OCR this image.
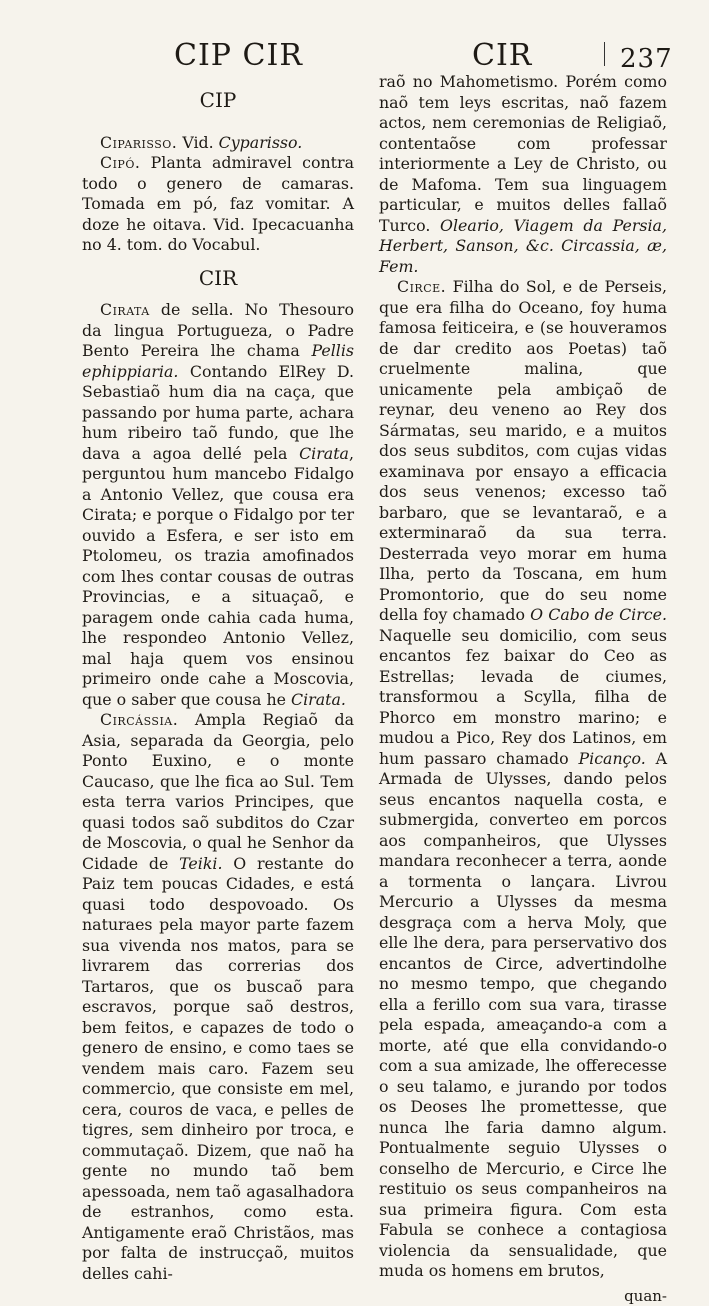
CIP CIR	CIR	237
CIP

Ciparisso. Vid. Cyparisso.

Cipó. Planta admiravel contra todo o genero de camaras. Tomada em pó, faz vomitar. A doze he oitava. Vid. Ipecacuanha no 4. tom. do Vocabul.

CIR

Cirata de sella. No Thesouro da lingua Portugueza, o Padre Bento Pereira lhe chama Pellis ephippiaria. Contando ElRey D. Sebastiaõ hum dia na caça, que passando por huma parte, achara hum ribeiro taõ fundo, que lhe dava a agoa dellé pela Cirata, perguntou hum mancebo Fidalgo a Antonio Vellez, que cousa era Cirata; e porque o Fidalgo por ter ouvido a Esfera, e ser isto em Ptolomeu, os trazia amofinados com lhes contar cousas de outras Provincias, e a situaçaõ, e paragem onde cahia cada huma, lhe respondeo Antonio Vellez, mal haja quem vos ensinou primeiro onde cahe a Moscovia, que o saber que cousa he Cirata.

Circássia. Ampla Regiaõ da Asia, separada da Georgia, pelo Ponto Euxino, e o monte Caucaso, que lhe fica ao Sul. Tem esta terra varios Principes, que quasi todos saõ subditos do Czar de Moscovia, o qual he Senhor da Cidade de Teiki. O restante do Paiz tem poucas Cidades, e está quasi todo despovoado. Os naturaes pela mayor parte fazem sua vivenda nos matos, para se livrarem das correrias dos Tartaros, que os buscaõ para escravos, porque saõ destros, bem feitos, e capazes de todo o genero de ensino, e como taes se vendem mais caro. Fazem seu commercio, que consiste em mel, cera, couros de vaca, e pelles de tigres, sem dinheiro por troca, e commutaçaõ. Dizem, que naõ ha gente no mundo taõ bem apessoada, nem taõ agasalhadora de estranhos, como esta. Antigamente eraõ Christãos, mas por falta de instrucçaõ, muitos delles cahi-

raõ no Mahometismo. Porém como naõ tem leys escritas, naõ fazem actos, nem ceremonias de Religiaõ, contentaõse com professar interiormente a Ley de Christo, ou de Mafoma. Tem sua linguagem particular, e muitos delles fallaõ Turco. Oleario, Viagem da Persia, Herbert, Sanson, &c. Circassia, æ, Fem.

Circe. Filha do Sol, e de Perseis, que era filha do Oceano, foy huma famosa feiticeira, e (se houveramos de dar credito aos Poetas) taõ cruelmente malina, que unicamente pela ambiçaõ de reynar, deu veneno ao Rey dos Sármatas, seu marido, e a muitos dos seus subditos, com cujas vidas examinava por ensayo a efficacia dos seus venenos; excesso taõ barbaro, que se levantaraõ, e a exterminaraõ da sua terra. Desterrada veyo morar em huma Ilha, perto da Toscana, em hum Promontorio, que do seu nome della foy chamado O Cabo de Circe. Naquelle seu domicilio, com seus encantos fez baixar do Ceo as Estrellas; levada de ciumes, transformou a Scylla, filha de Phorco em monstro marino; e mudou a Pico, Rey dos Latinos, em hum passaro chamado Picanço. A Armada de Ulysses, dando pelos seus encantos naquella costa, e submergida, converteo em porcos aos companheiros, que Ulysses mandara reconhecer a terra, aonde a tormenta o lançara. Livrou Mercurio a Ulysses da mesma desgraça com a herva Moly, que elle lhe dera, para perservativo dos encantos de Circe, advertindolhe no mesmo tempo, que chegando ella a ferillo com sua vara, tirasse pela espada, ameaçando-a com a morte, até que ella convidando-o com a sua amizade, lhe offerecesse o seu talamo, e jurando por todos os Deoses lhe promettesse, que nunca lhe faria damno algum. Pontualmente seguio Ulysses o conselho de Mercurio, e Circe lhe restituio os seus companheiros na sua primeira figura. Com esta Fabula se conhece a contagiosa violencia da sensualidade, que muda os homens em brutos,

quan-
